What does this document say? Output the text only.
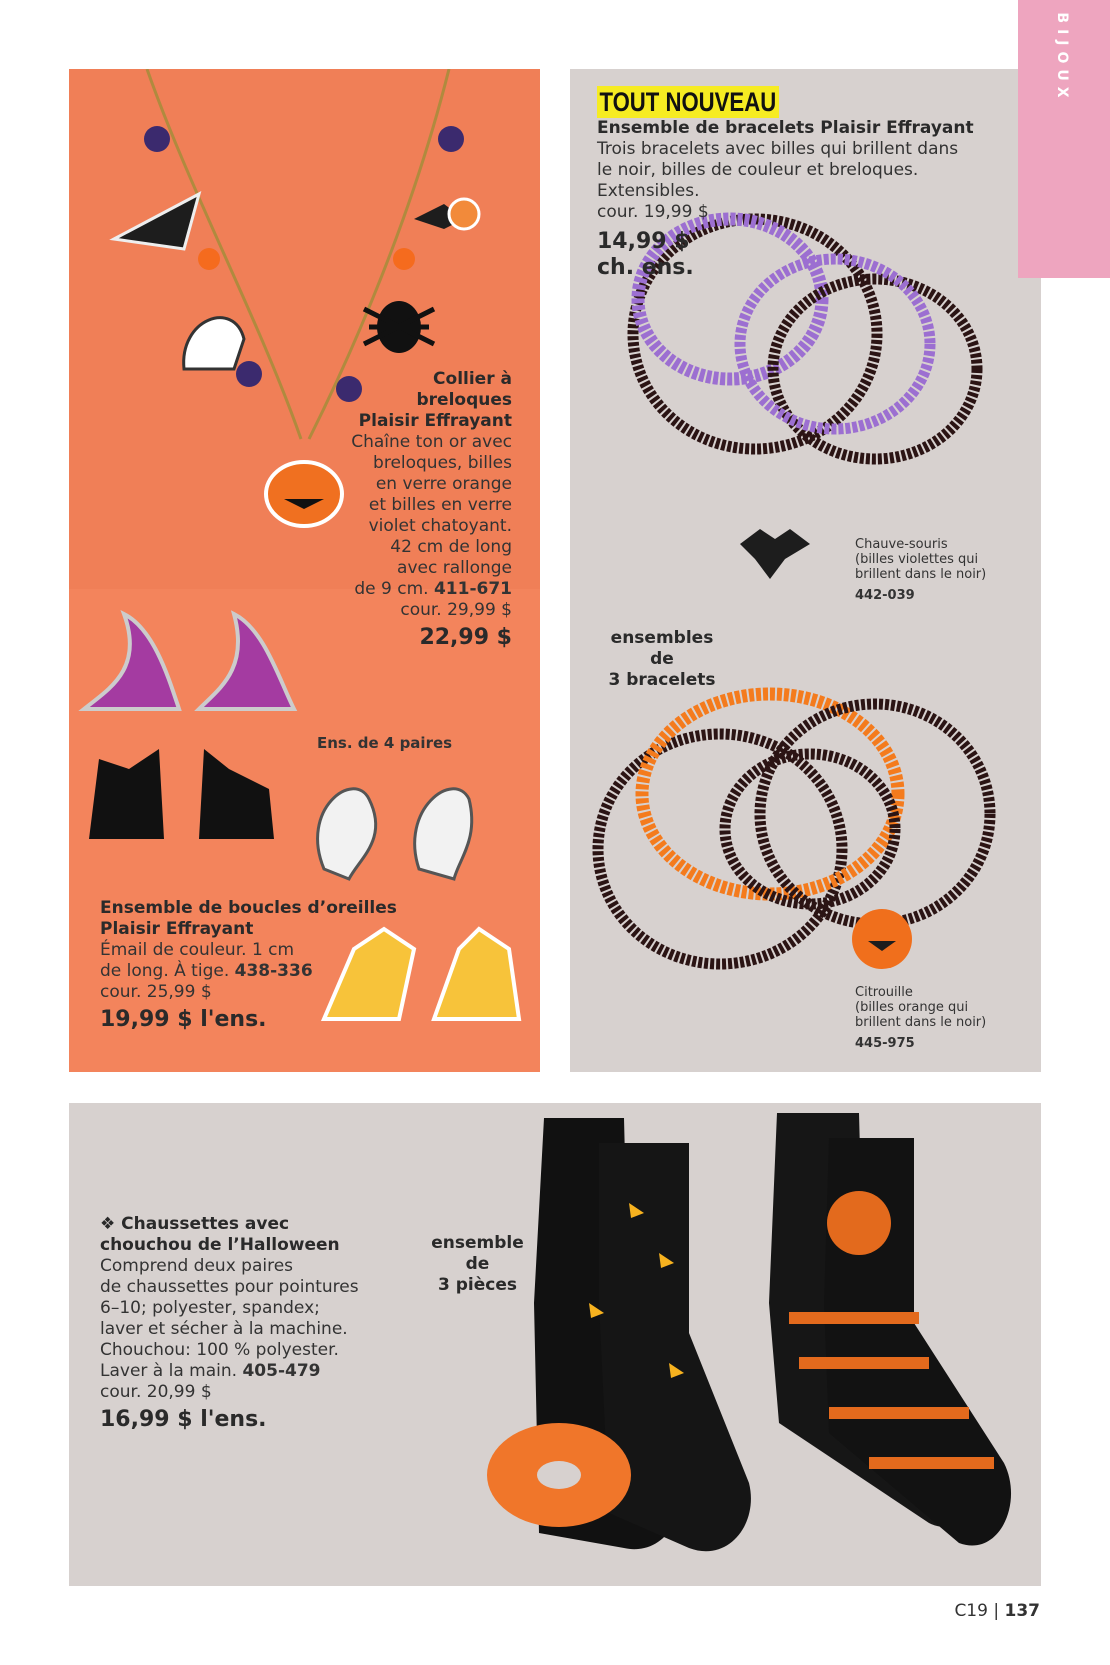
Collier à
breloques
Plaisir Effrayant
Chaîne ton or avec
breloques, billes
en verre orange
et billes en verre
violet chatoyant.
42 cm de long
avec rallonge
de 9 cm. 411-671
cour. 29,99 $
22,99 $
Ens. de 4 paires
Ensemble de boucles d’oreilles
Plaisir Effrayant
Émail de couleur. 1 cm
de long. À tige. 438-336
cour. 25,99 $
19,99 $ l'ens.
TOUT NOUVEAU
Ensemble de bracelets Plaisir Effrayant
Trois bracelets avec billes qui brillent dans
le noir, billes de couleur et breloques. Extensibles.
cour. 19,99 $
14,99 $
ch. ens.
ensembles de
3 bracelets
Chauve-souris
(billes violettes qui
brillent dans le noir)
442-039
Citrouille
(billes orange qui
brillent dans le noir)
445-975
BIJOUX
❖ Chaussettes avec
chouchou de l’Halloween
Comprend deux paires
de chaussettes pour pointures
6–10; polyester, spandex;
laver et sécher à la machine.
Chouchou: 100 % polyester.
Laver à la main. 405-479
cour. 20,99 $
16,99 $ l'ens.
ensemble de
3 pièces
C19 | 137
